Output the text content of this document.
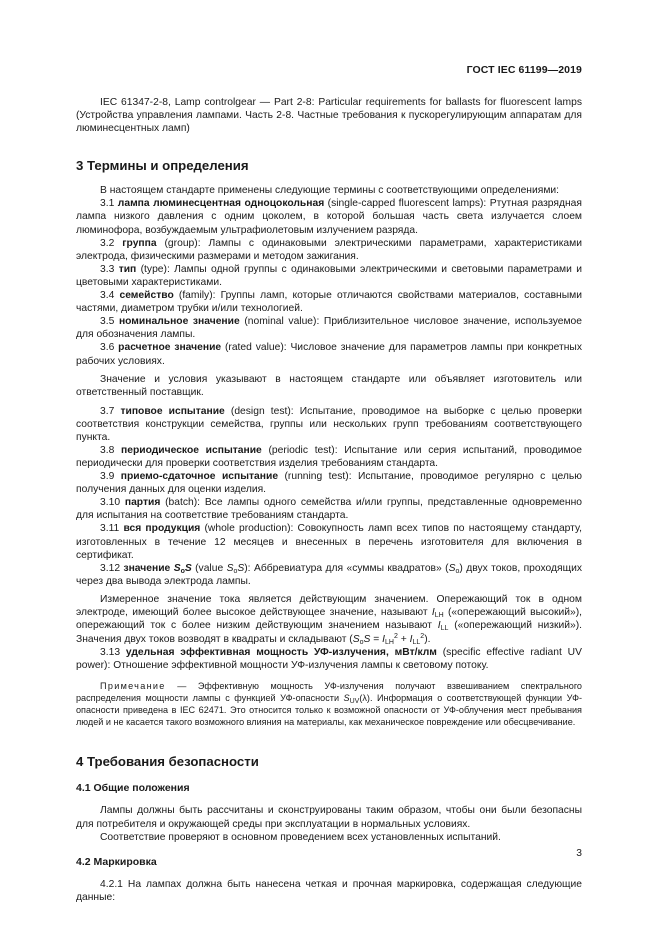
ГОСТ IEC 61199—2019

IEC 61347-2-8, Lamp controlgear — Part 2-8: Particular requirements for ballasts for fluorescent lamps (Устройства управления лампами. Часть 2-8. Частные требования к пускорегулирующим аппаратам для люминесцентных ламп)

3 Термины и определения

В настоящем стандарте применены следующие термины с соответствующими определениями:

3.1 лампа люминесцентная одноцокольная (single-capped fluorescent lamps): Ртутная разрядная лампа низкого давления с одним цоколем, в которой большая часть света излучается слоем люминофора, возбуждаемым ультрафиолетовым излучением разряда.

3.2 группа (group): Лампы с одинаковыми электрическими параметрами, характеристиками электрода, физическими размерами и методом зажигания.

3.3 тип (type): Лампы одной группы с одинаковыми электрическими и световыми параметрами и цветовыми характеристиками.

3.4 семейство (family): Группы ламп, которые отличаются свойствами материалов, составными частями, диаметром трубки и/или технологией.

3.5 номинальное значение (nominal value): Приблизительное числовое значение, используемое для обозначения лампы.

3.6 расчетное значение (rated value): Числовое значение для параметров лампы при конкретных рабочих условиях.

Значение и условия указывают в настоящем стандарте или объявляет изготовитель или ответственный поставщик.

3.7 типовое испытание (design test): Испытание, проводимое на выборке с целью проверки соответствия конструкции семейства, группы или нескольких групп требованиям соответствующего пункта.

3.8 периодическое испытание (periodic test): Испытание или серия испытаний, проводимое периодически для проверки соответствия изделия требованиям стандарта.

3.9 приемо-сдаточное испытание (running test): Испытание, проводимое регулярно с целью получения данных для оценки изделия.

3.10 партия (batch): Все лампы одного семейства и/или группы, представленные одновременно для испытания на соответствие требованиям стандарта.

3.11 вся продукция (whole production): Совокупность ламп всех типов по настоящему стандарту, изготовленных в течение 12 месяцев и внесенных в перечень изготовителя для включения в сертификат.

3.12 значение $S_oS$ (value $S_oS$): Аббревиатура для «суммы квадратов» $(S_o)$ двух токов, проходящих через два вывода электрода лампы.

Измеренное значение тока является действующим значением. Опережающий ток в одном электроде, имеющий более высокое действующее значение, называют $I_{LH}$ («опережающий высокий»), опережающий ток с более низким действующим значением называют $I_{LL}$ («опережающий низкий»). Значения двух токов возводят в квадраты и складывают $(S_oS = I_{LH}^2 + I_{LL}^2)$.

3.13 удельная эффективная мощность УФ-излучения, мВт/клм (specific effective radiant UV power): Отношение эффективной мощности УФ-излучения лампы к световому потоку.

Примечание — Эффективную мощность УФ-излучения получают взвешиванием спектрального распределения мощности лампы с функцией УФ-опасности $S_{UV}(\lambda)$. Информация о соответствующей функции УФ-опасности приведена в IEC 62471. Это относится только к возможной опасности от УФ-облучения мест пребывания людей и не касается такого возможного влияния на материалы, как механическое повреждение или обесцвечивание.

4 Требования безопасности
4.1 Общие положения

Лампы должны быть рассчитаны и сконструированы таким образом, чтобы они были безопасны для потребителя и окружающей среды при эксплуатации в нормальных условиях.

Соответствие проверяют в основном проведением всех установленных испытаний.

4.2 Маркировка

4.2.1 На лампах должна быть нанесена четкая и прочная маркировка, содержащая следующие данные:

3
